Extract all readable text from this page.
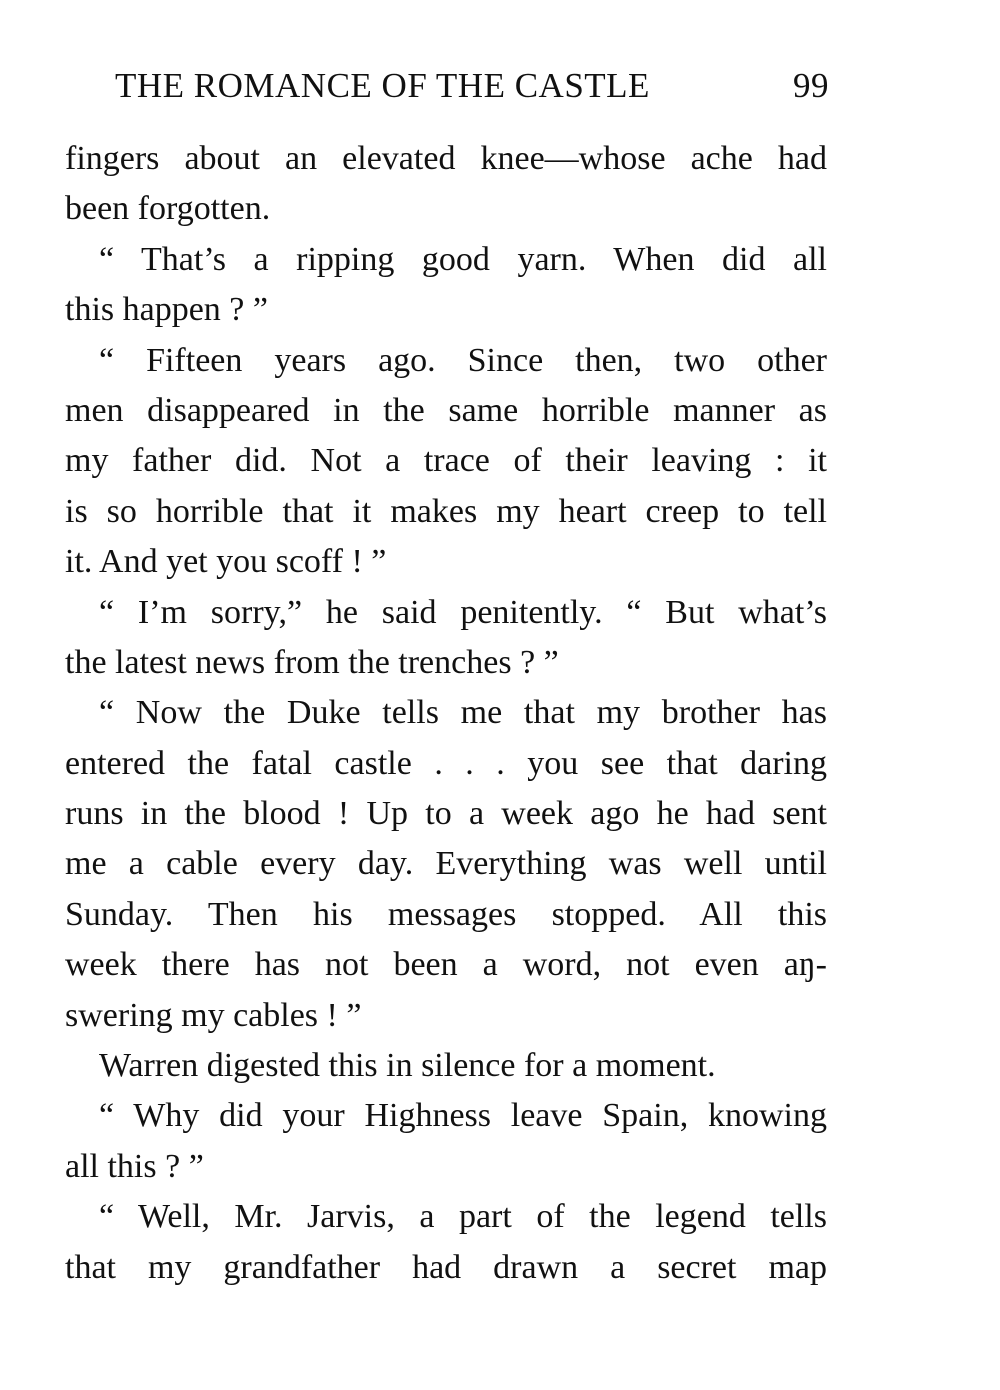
THE ROMANCE OF THE CASTLE	99
fingers about an elevated knee—whose ache had
been forgotten.
“ That’s a ripping good yarn. When did all
this happen ? ”
“ Fifteen years ago. Since then, two other
men disappeared in the same horrible manner as
my father did. Not a trace of their leaving : it
is so horrible that it makes my heart creep to tell
it. And yet you scoff ! ”
“ I’m sorry,” he said penitently. “ But what’s
the latest news from the trenches ? ”
“ Now the Duke tells me that my brother has
entered the fatal castle . . . you see that daring
runs in the blood ! Up to a week ago he had sent
me a cable every day. Everything was well until
Sunday. Then his messages stopped. All this
week there has not been a word, not even aŋ-
swering my cables ! ”
Warren digested this in silence for a moment.
“ Why did your Highness leave Spain, knowing
all this ? ”
“ Well, Mr. Jarvis, a part of the legend tells
that my grandfather had drawn a secret map
